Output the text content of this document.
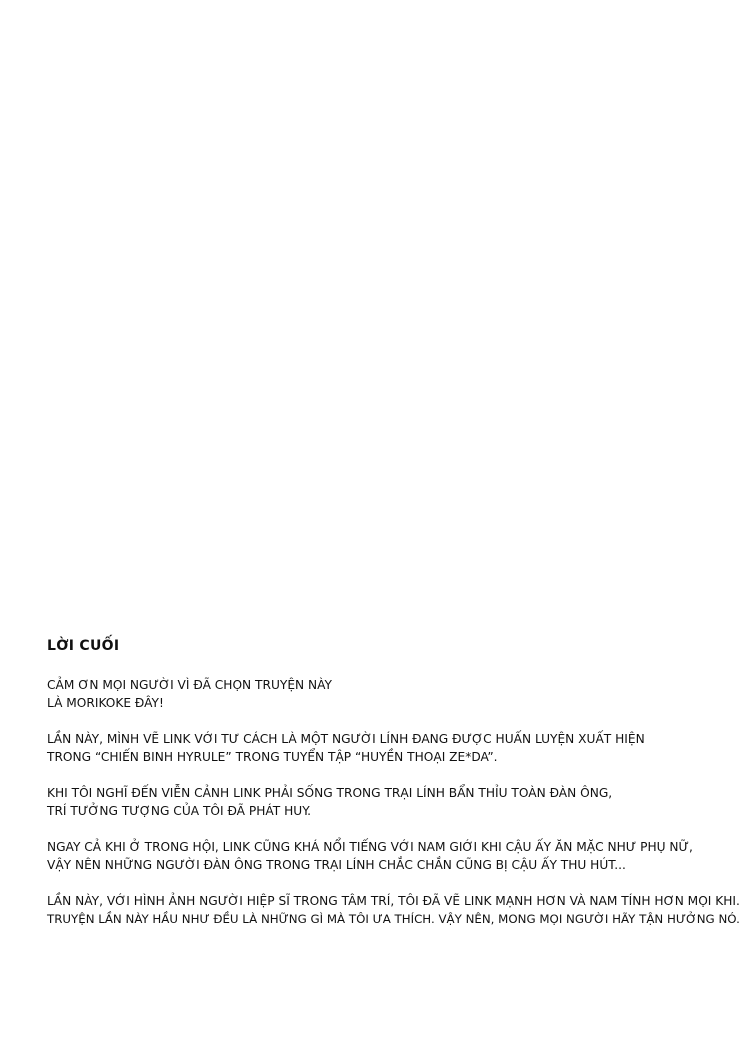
LỜI CUỐI
CẢM ƠN MỌI NGƯỜI VÌ ĐÃ CHỌN TRUYỆN NÀY
LÀ MORIKOKE ĐÂY!
LẦN NÀY, MÌNH VẼ LINK VỚI TƯ CÁCH LÀ MỘT NGƯỜI LÍNH ĐANG ĐƯỢC HUẤN LUYỆN XUẤT HIỆN
TRONG “CHIẾN BINH HYRULE” TRONG TUYỂN TẬP “HUYỀN THOẠI ZE*DA”.
KHI TÔI NGHĨ ĐẾN VIỄN CẢNH LINK PHẢI SỐNG TRONG TRẠI LÍNH BẨN THỈU TOÀN ĐÀN ÔNG,
TRÍ TƯỞNG TƯỢNG CỦA TÔI ĐÃ PHÁT HUY.
NGAY CẢ KHI Ở TRONG HỘI, LINK CŨNG KHÁ NỔI TIẾNG VỚI NAM GIỚI KHI CẬU ẤY ĂN MẶC NHƯ PHỤ NỮ,
VẬY NÊN NHỮNG NGƯỜI ĐÀN ÔNG TRONG TRẠI LÍNH CHẮC CHẮN CŨNG BỊ CẬU ẤY THU HÚT...
LẦN NÀY, VỚI HÌNH ẢNH NGƯỜI HIỆP SĨ TRONG TÂM TRÍ, TÔI ĐÃ VẼ LINK MẠNH HƠN VÀ NAM TÍNH HƠN MỌI KHI.
TRUYỆN LẦN NÀY HẦU NHƯ ĐỀU LÀ NHỮNG GÌ MÀ TÔI ƯA THÍCH. VẬY NÊN, MONG MỌI NGƯỜI HÃY TẬN HƯỞNG NÓ.
